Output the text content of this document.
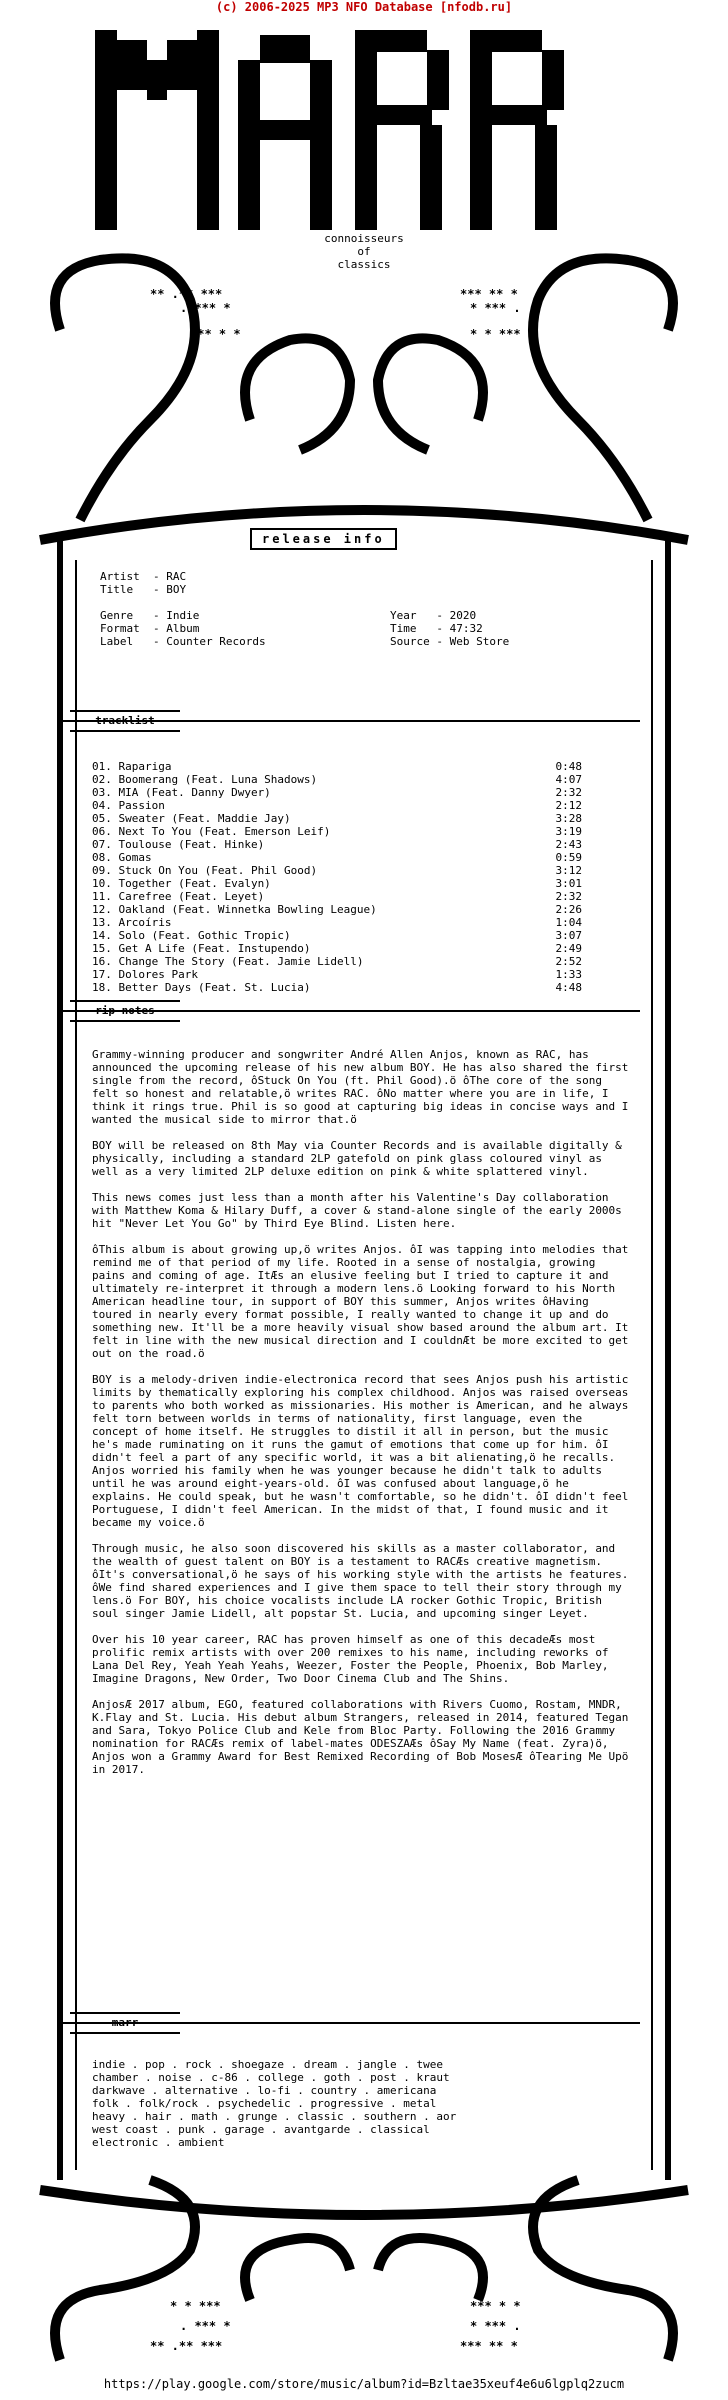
(c) 2006-2025 MP3 NFO Database [nfodb.ru]
** .** ***
. *** *
*** * *
*** ** *
* *** .
* * ***
* * ***
. *** *
** .** ***
*** * *
* *** .
*** ** *
connoisseurs
of
classics
release info
Artist  - RAC
Title   - BOY
Genre   - Indie
Format  - Album
Label   - Counter Records
Year   - 2020
Time   - 47:32
Source - Web Store
tracklist
01. Rapariga	0:48
02. Boomerang (Feat. Luna Shadows)	4:07
03. MIA (Feat. Danny Dwyer)	2:32
04. Passion	2:12
05. Sweater (Feat. Maddie Jay)	3:28
06. Next To You (Feat. Emerson Leif)	3:19
07. Toulouse (Feat. Hinke)	2:43
08. Gomas	0:59
09. Stuck On You (Feat. Phil Good)	3:12
10. Together (Feat. Evalyn)	3:01
11. Carefree (Feat. Leyet)	2:32
12. Oakland (Feat. Winnetka Bowling League)	2:26
13. Arcoíris	1:04
14. Solo (Feat. Gothic Tropic)	3:07
15. Get A Life (Feat. Instupendo)	2:49
16. Change The Story (Feat. Jamie Lidell)	2:52
17. Dolores Park	1:33
18. Better Days (Feat. St. Lucia)	4:48
rip notes

Grammy-winning producer and songwriter André Allen Anjos, known as RAC, has announced the upcoming release of his new album BOY. He has also shared the first single from the record, ôStuck On You (ft. Phil Good).ö ôThe core of the song felt so honest and relatable,ö writes RAC. ôNo matter where you are in life, I think it rings true. Phil is so good at capturing big ideas in concise ways and I wanted the musical side to mirror that.ö

BOY will be released on 8th May via Counter Records and is available digitally & physically, including a standard 2LP gatefold on pink glass coloured vinyl as well as a very limited 2LP deluxe edition on pink & white splattered vinyl.

This news comes just less than a month after his Valentine's Day collaboration with Matthew Koma & Hilary Duff, a cover & stand-alone single of the early 2000s hit "Never Let You Go" by Third Eye Blind. Listen here.

ôThis album is about growing up,ö writes Anjos. ôI was tapping into melodies that remind me of that period of my life. Rooted in a sense of nostalgia, growing pains and coming of age. ItÆs an elusive feeling but I tried to capture it and ultimately re-interpret it through a modern lens.ö Looking forward to his North American headline tour, in support of BOY this summer, Anjos writes ôHaving toured in nearly every format possible, I really wanted to change it up and do something new. It'll be a more heavily visual show based around the album art. It felt in line with the new musical direction and I couldnÆt be more excited to get out on the road.ö

BOY is a melody-driven indie-electronica record that sees Anjos push his artistic limits by thematically exploring his complex childhood. Anjos was raised overseas to parents who both worked as missionaries. His mother is American, and he always felt torn between worlds in terms of nationality, first language, even the concept of home itself. He struggles to distil it all in person, but the music he's made ruminating on it runs the gamut of emotions that come up for him. ôI didn't feel a part of any specific world, it was a bit alienating,ö he recalls. Anjos worried his family when he was younger because he didn't talk to adults until he was around eight-years-old. ôI was confused about language,ö he explains. He could speak, but he wasn't comfortable, so he didn't. ôI didn't feel Portuguese, I didn't feel American. In the midst of that, I found music and it became my voice.ö

Through music, he also soon discovered his skills as a master collaborator, and the wealth of guest talent on BOY is a testament to RACÆs creative magnetism. ôIt's conversational,ö he says of his working style with the artists he features. ôWe find shared experiences and I give them space to tell their story through my lens.ö For BOY, his choice vocalists include LA rocker Gothic Tropic, British soul singer Jamie Lidell, alt popstar St. Lucia, and upcoming singer Leyet.

Over his 10 year career, RAC has proven himself as one of this decadeÆs most prolific remix artists with over 200 remixes to his name, including reworks of Lana Del Rey, Yeah Yeah Yeahs, Weezer, Foster the People, Phoenix, Bob Marley, Imagine Dragons, New Order, Two Door Cinema Club and The Shins.

AnjosÆ 2017 album, EGO, featured collaborations with Rivers Cuomo, Rostam, MNDR, K.Flay and St. Lucia. His debut album Strangers, released in 2014, featured Tegan and Sara, Tokyo Police Club and Kele from Bloc Party. Following the 2016 Grammy nomination for RACÆs remix of label-mates ODESZAÆs ôSay My Name (feat. Zyra)ö, Anjos won a Grammy Award for Best Remixed Recording of Bob MosesÆ ôTearing Me Upö in 2017.

marr
indie . pop . rock . shoegaze . dream . jangle . twee
chamber . noise . c-86 . college . goth . post . kraut
darkwave . alternative . lo-fi . country . americana
folk . folk/rock . psychedelic . progressive . metal
heavy . hair . math . grunge . classic . southern . aor
west coast . punk . garage . avantgarde . classical
electronic . ambient
https://play.google.com/store/music/album?id=Bzltae35xeuf4e6u6lgplq2zucm
